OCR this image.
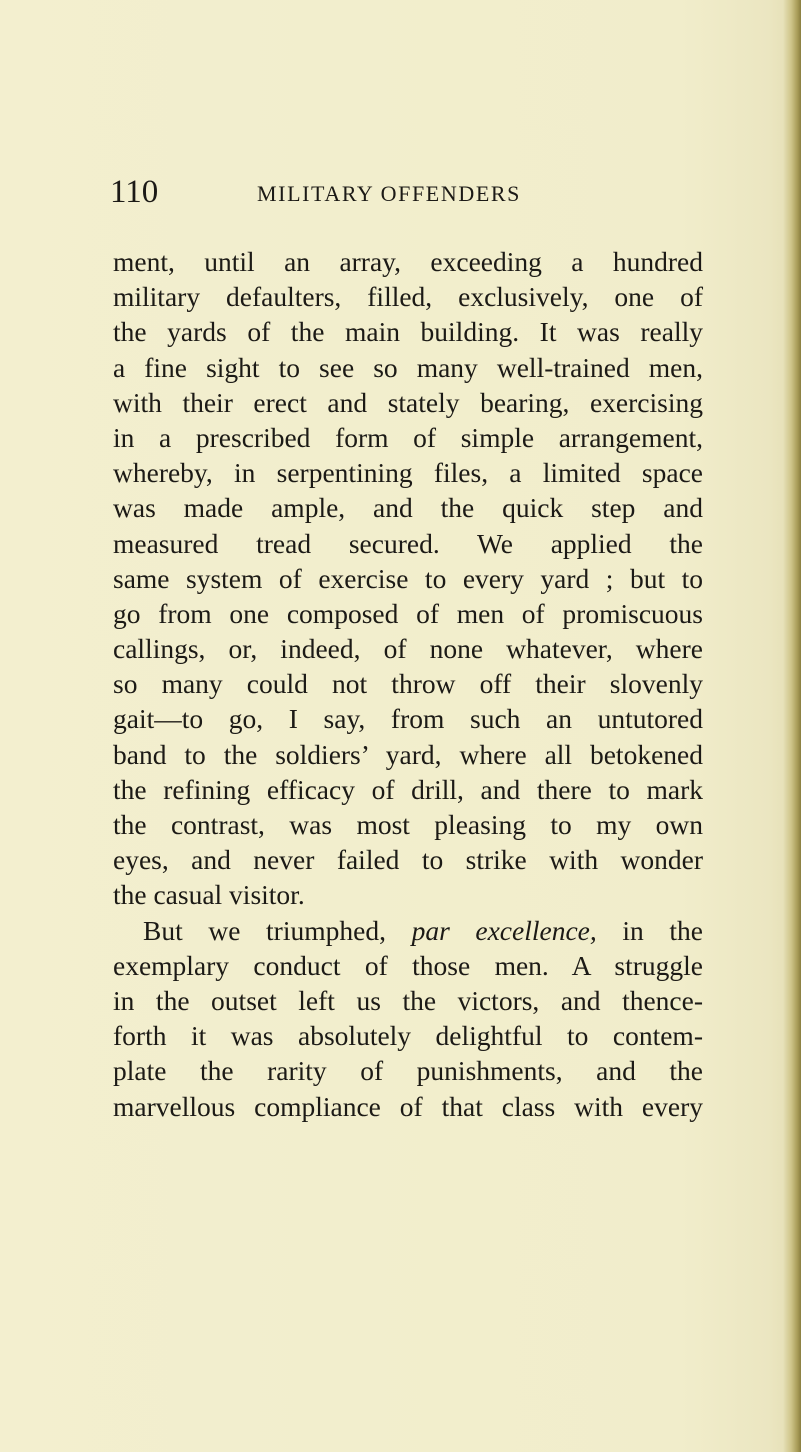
110	MILITARY OFFENDERS
ment, until an array, exceeding a hundred
military defaulters, filled, exclusively, one of
the yards of the main building. It was really
a fine sight to see so many well-trained men,
with their erect and stately bearing, exercising
in a prescribed form of simple arrangement,
whereby, in serpentining files, a limited space
was made ample, and the quick step and
measured tread secured. We applied the
same system of exercise to every yard ; but to
go from one composed of men of promiscuous
callings, or, indeed, of none whatever, where
so many could not throw off their slovenly
gait—to go, I say, from such an untutored
band to the soldiers’ yard, where all betokened
the refining efficacy of drill, and there to mark
the contrast, was most pleasing to my own
eyes, and never failed to strike with wonder
the casual visitor.
But we triumphed, par excellence, in the
exemplary conduct of those men. A struggle
in the outset left us the victors, and thence-
forth it was absolutely delightful to contem-
plate the rarity of punishments, and the
marvellous compliance of that class with every
